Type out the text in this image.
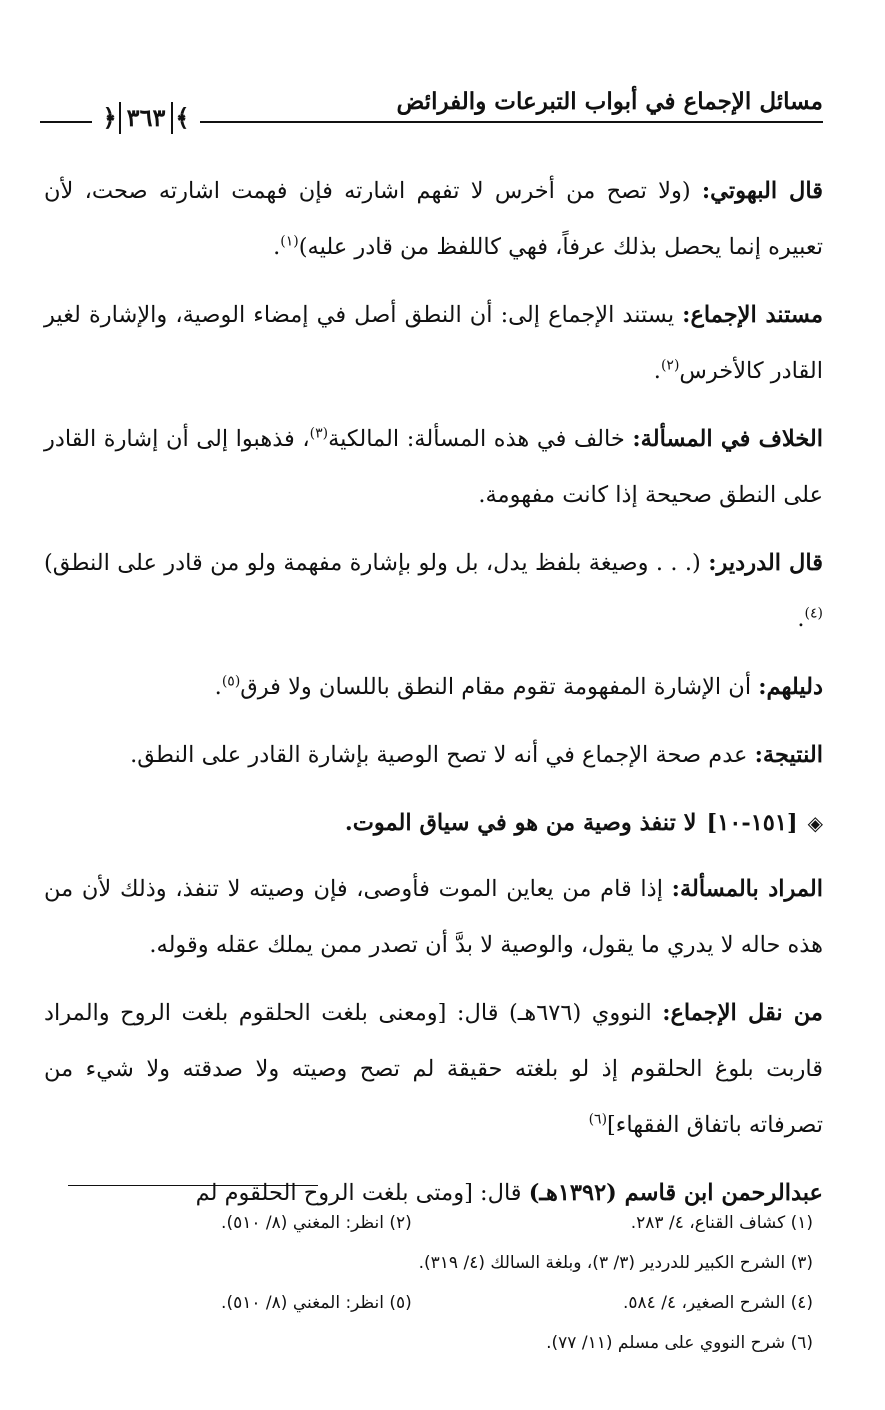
مسائل الإجماع في أبواب التبرعات والفرائض
﴾
٣٦٣
﴿

قال البهوتي: (ولا تصح من أخرس لا تفهم اشارته فإن فهمت اشارته صحت، لأن تعبيره إنما يحصل بذلك عرفاً، فهي كاللفظ من قادر عليه)$^{(١)}$.

مستند الإجماع: يستند الإجماع إلى: أن النطق أصل في إمضاء الوصية، والإشارة لغير القادر كالأخرس$^{(٢)}$.

الخلاف في المسألة: خالف في هذه المسألة: المالكية$^{(٣)}$، فذهبوا إلى أن إشارة القادر على النطق صحيحة إذا كانت مفهومة.

قال الدردير: (. . . وصيغة بلفظ يدل، بل ولو بإشارة مفهمة ولو من قادر على النطق)$^{(٤)}$.

دليلهم: أن الإشارة المفهومة تقوم مقام النطق باللسان ولا فرق$^{(٥)}$.

النتيجة: عدم صحة الإجماع في أنه لا تصح الوصية بإشارة القادر على النطق.

◈
[١٥١-١٠]
لا تنفذ وصية من هو في سياق الموت.

المراد بالمسألة: إذا قام من يعاين الموت فأوصى، فإن وصيته لا تنفذ، وذلك لأن من هذه حاله لا يدري ما يقول، والوصية لا بدَّ أن تصدر ممن يملك عقله وقوله.

من نقل الإجماع: النووي (٦٧٦هـ) قال: [ومعنى بلغت الحلقوم بلغت الروح والمراد قاربت بلوغ الحلقوم إذ لو بلغته حقيقة لم تصح وصيته ولا صدقته ولا شيء من تصرفاته باتفاق الفقهاء]$^{(٦)}$

عبدالرحمن ابن قاسم (١٣٩٢هـ) قال: [ومتى بلغت الروح الحلقوم لم

(١) كشاف القناع، ٤/ ٢٨٣.
(٢) انظر: المغني (٨/ ٥١٠).
(٣) الشرح الكبير للدردير (٣/ ٣)، وبلغة السالك (٤/ ٣١٩).
(٤) الشرح الصغير، ٤/ ٥٨٤.
(٥) انظر: المغني (٨/ ٥١٠).
(٦) شرح النووي على مسلم (١١/ ٧٧).
